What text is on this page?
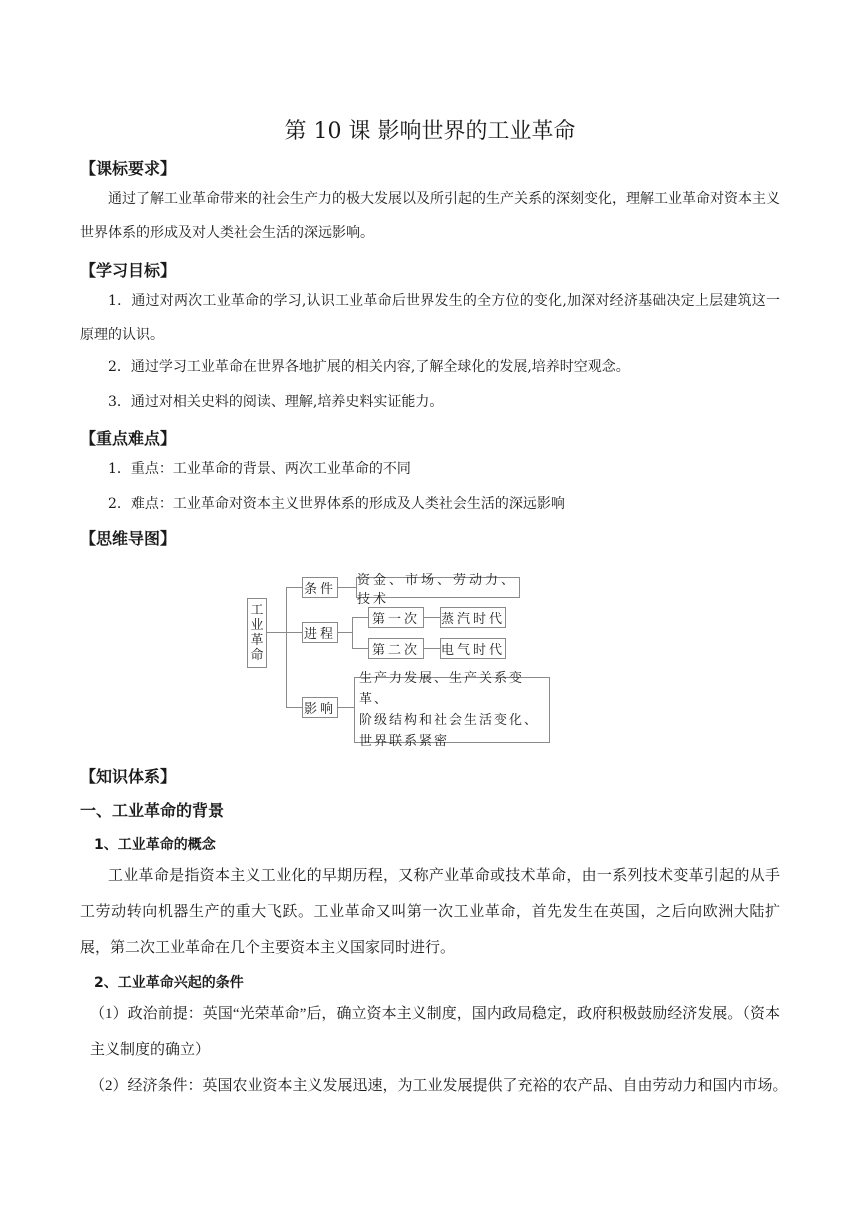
第 10 课 影响世界的工业革命
【课标要求】
通过了解工业革命带来的社会生产力的极大发展以及所引起的生产关系的深刻变化，理解工业革命对资本主义世界体系的形成及对人类社会生活的深远影响。
【学习目标】
1．通过对两次工业革命的学习,认识工业革命后世界发生的全方位的变化,加深对经济基础决定上层建筑这一原理的认识。
2．通过学习工业革命在世界各地扩展的相关内容,了解全球化的发展,培养时空观念。
3．通过对相关史料的阅读、理解,培养史料实证能力。
【重点难点】
1．重点：工业革命的背景、两次工业革命的不同
2．难点：工业革命对资本主义世界体系的形成及人类社会生活的深远影响
【思维导图】
工业革命
条件
资金、市场、劳动力、技术
进程
第一次	蒸汽时代
第二次	电气时代
影响
生产力发展、生产关系变革、
阶级结构和社会生活变化、
世界联系紧密
【知识体系】
一、工业革命的背景
1、工业革命的概念
工业革命是指资本主义工业化的早期历程，又称产业革命或技术革命，由一系列技术变革引起的从手工劳动转向机器生产的重大飞跃。工业革命又叫第一次工业革命，首先发生在英国，之后向欧洲大陆扩展，第二次工业革命在几个主要资本主义国家同时进行。
2、工业革命兴起的条件
（1）政治前提：英国“光荣革命”后，确立资本主义制度，国内政局稳定，政府积极鼓励经济发展。（资本主义制度的确立）
（2）经济条件：英国农业资本主义发展迅速，为工业发展提供了充裕的农产品、自由劳动力和国内市场。
